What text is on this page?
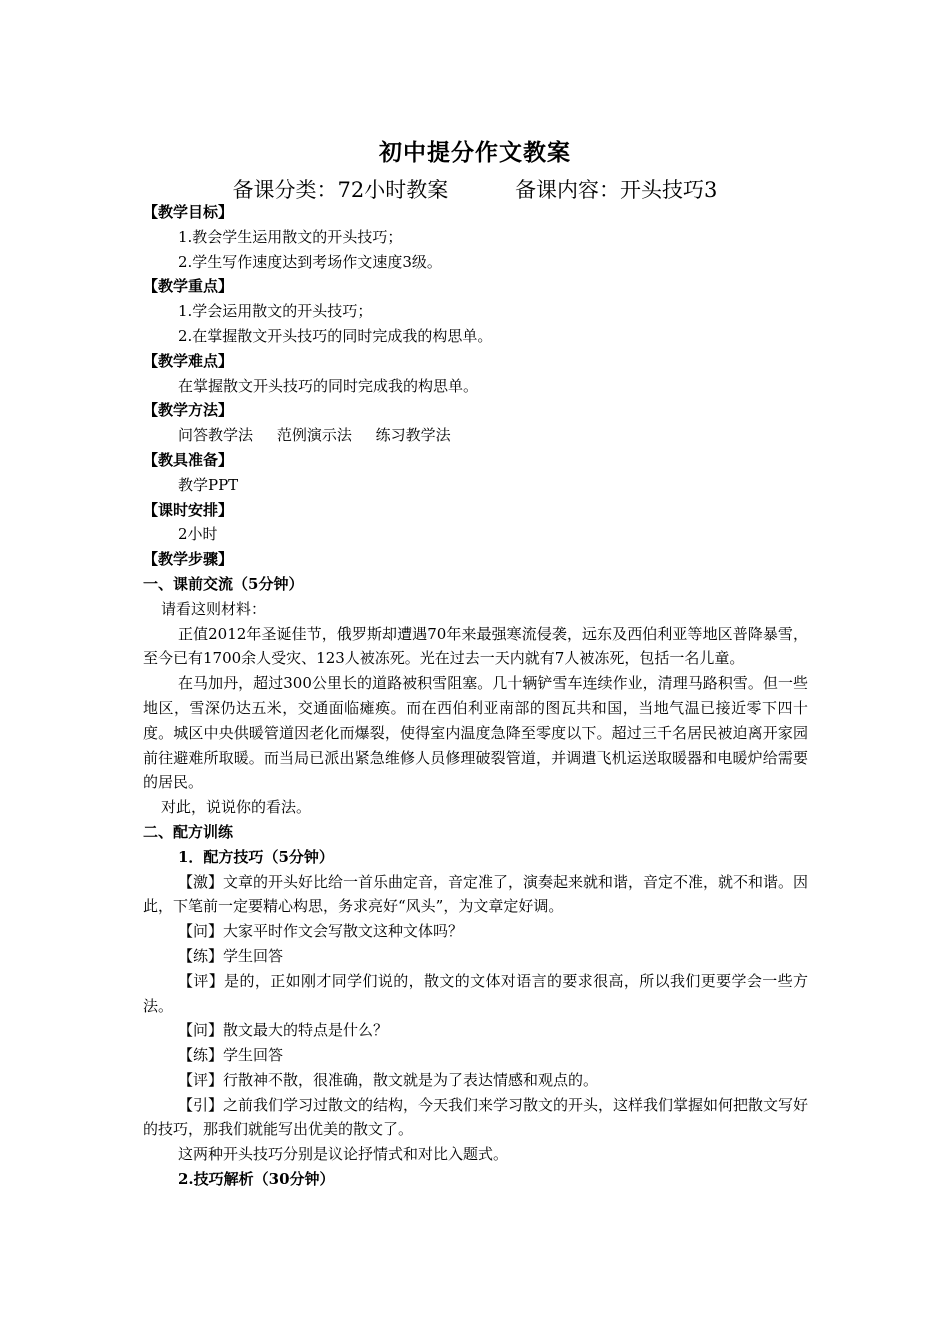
初中提分作文教案
备课分类：72小时教案	备课内容：开头技巧3

【教学目标】

1.教会学生运用散文的开头技巧；

2.学生写作速度达到考场作文速度3级。

【教学重点】

1.学会运用散文的开头技巧；

2.在掌握散文开头技巧的同时完成我的构思单。

【教学难点】

在掌握散文开头技巧的同时完成我的构思单。

【教学方法】

问答教学法     范例演示法     练习教学法

【教具准备】

教学PPT

【课时安排】

2小时

【教学步骤】

一、课前交流（5分钟）

请看这则材料：

正值2012年圣诞佳节，俄罗斯却遭遇70年来最强寒流侵袭，远东及西伯利亚等地区普降暴雪，至今已有1700余人受灾、123人被冻死。光在过去一天内就有7人被冻死，包括一名儿童。

在马加丹，超过300公里长的道路被积雪阻塞。几十辆铲雪车连续作业，清理马路积雪。但一些地区，雪深仍达五米，交通面临瘫痪。而在西伯利亚南部的图瓦共和国，当地气温已接近零下四十度。城区中央供暖管道因老化而爆裂，使得室内温度急降至零度以下。超过三千名居民被迫离开家园前往避难所取暖。而当局已派出紧急维修人员修理破裂管道，并调遣飞机运送取暖器和电暖炉给需要的居民。

对此，说说你的看法。

二、配方训练

1．配方技巧（5分钟）

【激】文章的开头好比给一首乐曲定音，音定准了，演奏起来就和谐，音定不准，就不和谐。因此，下笔前一定要精心构思，务求亮好“风头”，为文章定好调。

【问】大家平时作文会写散文这种文体吗？

【练】学生回答

【评】是的，正如刚才同学们说的，散文的文体对语言的要求很高，所以我们更要学会一些方法。

【问】散文最大的特点是什么？

【练】学生回答

【评】行散神不散，很准确，散文就是为了表达情感和观点的。

【引】之前我们学习过散文的结构，今天我们来学习散文的开头，这样我们掌握如何把散文写好的技巧，那我们就能写出优美的散文了。

这两种开头技巧分别是议论抒情式和对比入题式。

2.技巧解析（30分钟）
